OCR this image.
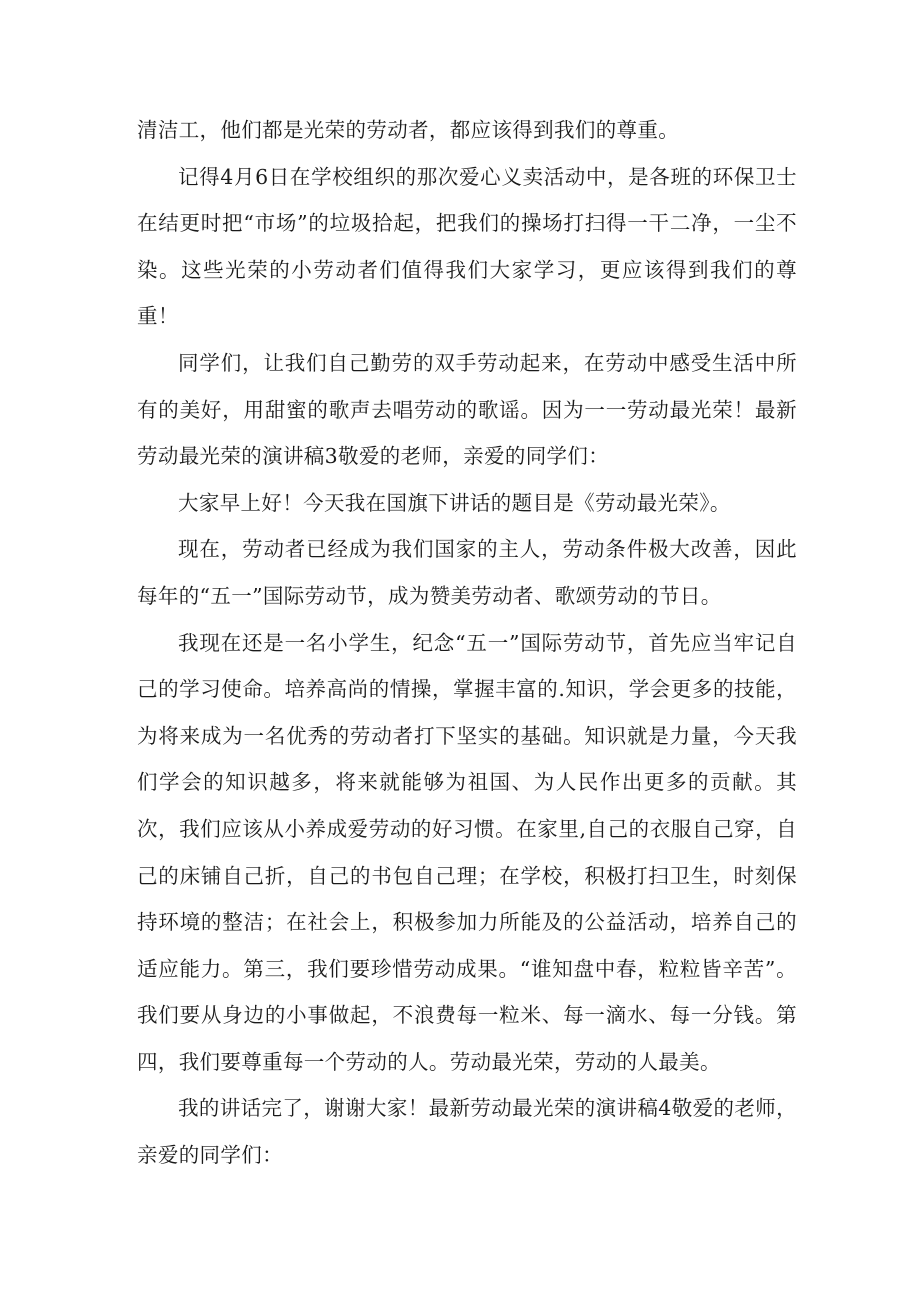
清洁工，他们都是光荣的劳动者，都应该得到我们的尊重。

记得4月6日在学校组织的那次爱心义卖活动中，是各班的环保卫士在结更时把“市场”的垃圾拾起，把我们的操场打扫得一干二净，一尘不染。这些光荣的小劳动者们值得我们大家学习，更应该得到我们的尊重！

同学们，让我们自己勤劳的双手劳动起来，在劳动中感受生活中所有的美好，用甜蜜的歌声去唱劳动的歌谣。因为一一劳动最光荣！最新劳动最光荣的演讲稿3敬爱的老师，亲爱的同学们：

大家早上好！今天我在国旗下讲话的题目是《劳动最光荣》。

现在，劳动者已经成为我们国家的主人，劳动条件极大改善，因此每年的“五一”国际劳动节，成为赞美劳动者、歌颂劳动的节日。

我现在还是一名小学生，纪念“五一”国际劳动节，首先应当牢记自己的学习使命。培养高尚的情操，掌握丰富的.知识，学会更多的技能，为将来成为一名优秀的劳动者打下坚实的基础。知识就是力量，今天我们学会的知识越多，将来就能够为祖国、为人民作出更多的贡献。其次，我们应该从小养成爱劳动的好习惯。在家里,自己的衣服自己穿，自己的床铺自己折，自己的书包自己理；在学校，积极打扫卫生，时刻保持环境的整洁；在社会上，积极参加力所能及的公益活动，培养自己的适应能力。第三，我们要珍惜劳动成果。“谁知盘中春，粒粒皆辛苦”。我们要从身边的小事做起，不浪费每一粒米、每一滴水、每一分钱。第四，我们要尊重每一个劳动的人。劳动最光荣，劳动的人最美。

我的讲话完了，谢谢大家！最新劳动最光荣的演讲稿4敬爱的老师，亲爱的同学们：
